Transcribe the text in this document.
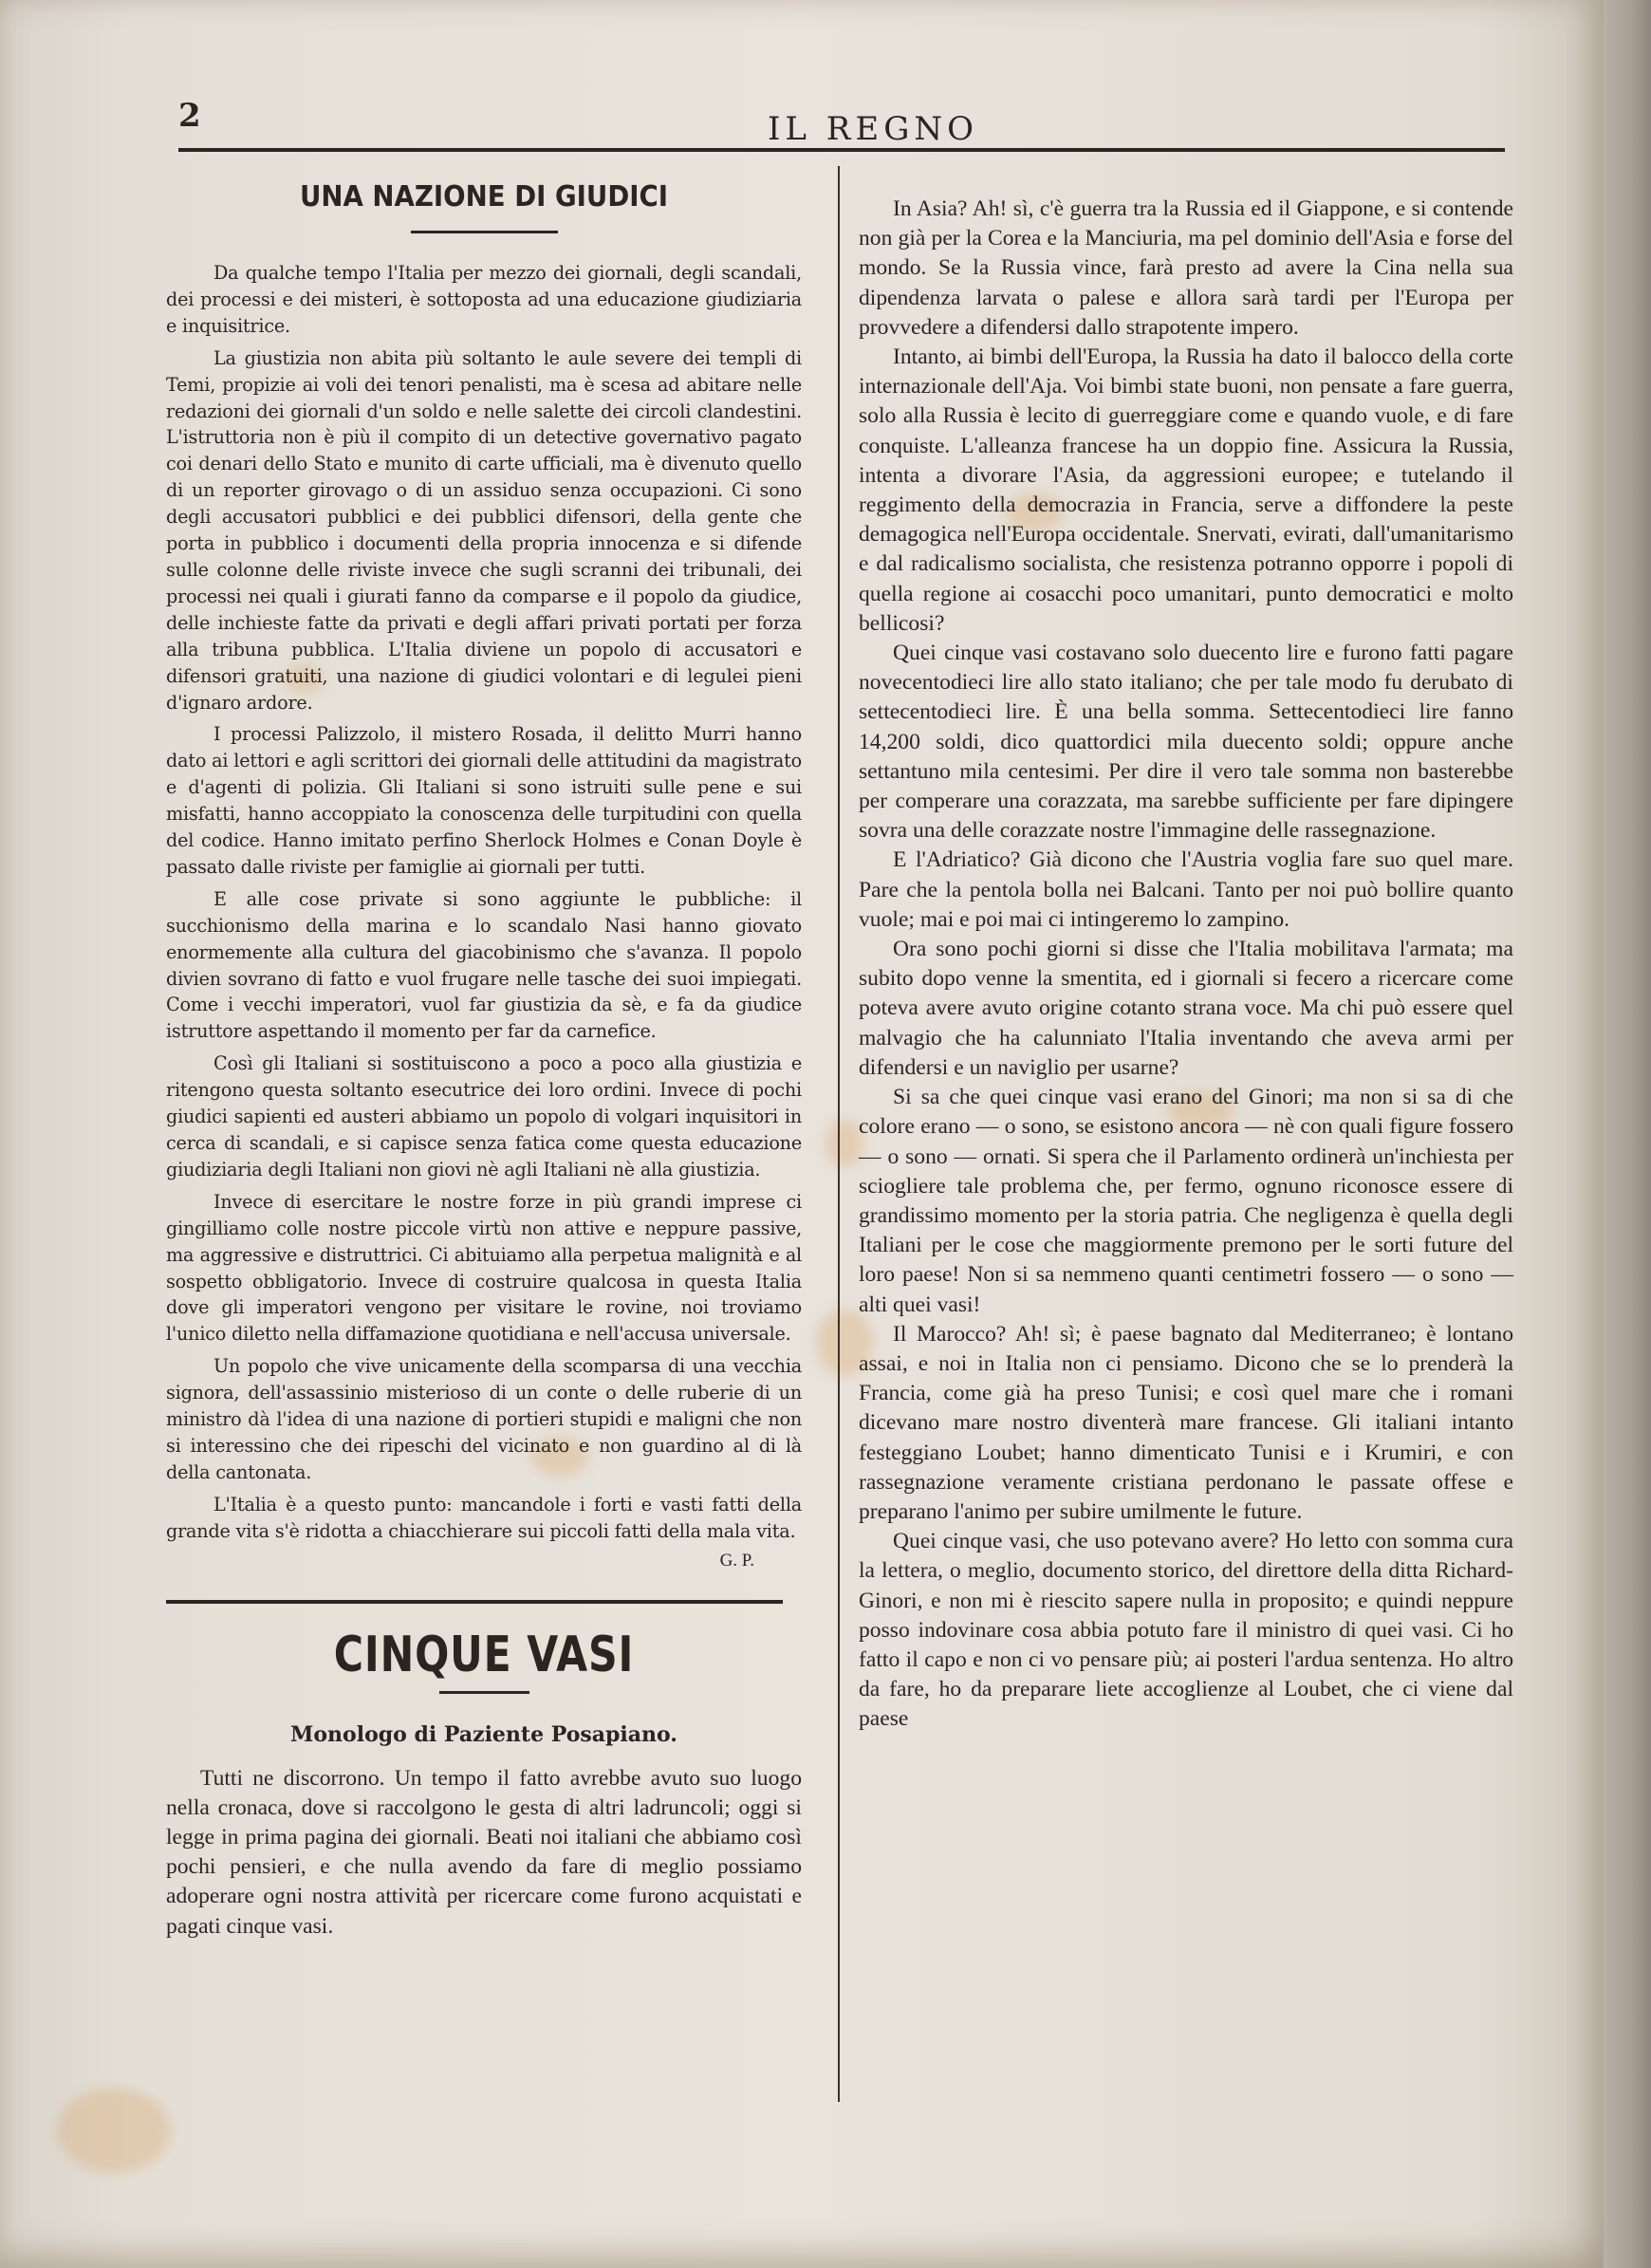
2	IL REGNO
UNA NAZIONE DI GIUDICI

Da qualche tempo l'Italia per mezzo dei giornali, degli scandali, dei processi e dei misteri, è sottoposta ad una educazione giudiziaria e inquisitrice.

La giustizia non abita più soltanto le aule severe dei templi di Temi, propizie ai voli dei tenori penalisti, ma è scesa ad abitare nelle redazioni dei giornali d'un soldo e nelle salette dei circoli clandestini. L'istruttoria non è più il compito di un detective governativo pagato coi denari dello Stato e munito di carte ufficiali, ma è divenuto quello di un reporter girovago o di un assiduo senza occupazioni. Ci sono degli accusatori pubblici e dei pubblici difensori, della gente che porta in pubblico i documenti della propria innocenza e si difende sulle colonne delle riviste invece che sugli scranni dei tribunali, dei processi nei quali i giurati fanno da comparse e il popolo da giudice, delle inchieste fatte da privati e degli affari privati portati per forza alla tribuna pubblica. L'Italia diviene un popolo di accusatori e difensori gratuiti, una nazione di giudici volontari e di legulei pieni d'ignaro ardore.

I processi Palizzolo, il mistero Rosada, il delitto Murri hanno dato ai lettori e agli scrittori dei giornali delle attitudini da magistrato e d'agenti di polizia. Gli Italiani si sono istruiti sulle pene e sui misfatti, hanno accoppiato la conoscenza delle turpitudini con quella del codice. Hanno imitato perfino Sherlock Holmes e Conan Doyle è passato dalle riviste per famiglie ai giornali per tutti.

E alle cose private si sono aggiunte le pubbliche: il succhionismo della marina e lo scandalo Nasi hanno giovato enormemente alla cultura del giacobinismo che s'avanza. Il popolo divien sovrano di fatto e vuol frugare nelle tasche dei suoi impiegati. Come i vecchi imperatori, vuol far giustizia da sè, e fa da giudice istruttore aspettando il momento per far da carnefice.

Così gli Italiani si sostituiscono a poco a poco alla giustizia e ritengono questa soltanto esecutrice dei loro ordini. Invece di pochi giudici sapienti ed austeri abbiamo un popolo di volgari inquisitori in cerca di scandali, e si capisce senza fatica come questa educazione giudiziaria degli Italiani non giovi nè agli Italiani nè alla giustizia.

Invece di esercitare le nostre forze in più grandi imprese ci gingilliamo colle nostre piccole virtù non attive e neppure passive, ma aggressive e distruttrici. Ci abituiamo alla perpetua malignità e al sospetto obbligatorio. Invece di costruire qualcosa in questa Italia dove gli imperatori vengono per visitare le rovine, noi troviamo l'unico diletto nella diffamazione quotidiana e nell'accusa universale.

Un popolo che vive unicamente della scomparsa di una vecchia signora, dell'assassinio misterioso di un conte o delle ruberie di un ministro dà l'idea di una nazione di portieri stupidi e maligni che non si interessino che dei ripeschi del vicinato e non guardino al di là della cantonata.

L'Italia è a questo punto: mancandole i forti e vasti fatti della grande vita s'è ridotta a chiacchierare sui piccoli fatti della mala vita.

G. P.
CINQUE VASI
Monologo di Paziente Posapiano.

Tutti ne discorrono. Un tempo il fatto avrebbe avuto suo luogo nella cronaca, dove si raccolgono le gesta di altri ladruncoli; oggi si legge in prima pagina dei giornali. Beati noi italiani che abbiamo così pochi pensieri, e che nulla avendo da fare di meglio possiamo adoperare ogni nostra attività per ricercare come furono acquistati e pagati cinque vasi.

In Asia? Ah! sì, c'è guerra tra la Russia ed il Giappone, e si contende non già per la Corea e la Manciuria, ma pel dominio dell'Asia e forse del mondo. Se la Russia vince, farà presto ad avere la Cina nella sua dipendenza larvata o palese e allora sarà tardi per l'Europa per provvedere a difendersi dallo strapotente impero.

Intanto, ai bimbi dell'Europa, la Russia ha dato il balocco della corte internazionale dell'Aja. Voi bimbi state buoni, non pensate a fare guerra, solo alla Russia è lecito di guerreggiare come e quando vuole, e di fare conquiste. L'alleanza francese ha un doppio fine. Assicura la Russia, intenta a divorare l'Asia, da aggressioni europee; e tutelando il reggimento della democrazia in Francia, serve a diffondere la peste demagogica nell'Europa occidentale. Snervati, evirati, dall'umanitarismo e dal radicalismo socialista, che resistenza potranno opporre i popoli di quella regione ai cosacchi poco umanitari, punto democratici e molto bellicosi?

Quei cinque vasi costavano solo duecento lire e furono fatti pagare novecentodieci lire allo stato italiano; che per tale modo fu derubato di settecentodieci lire. È una bella somma. Settecentodieci lire fanno 14,200 soldi, dico quattordici mila duecento soldi; oppure anche settantuno mila centesimi. Per dire il vero tale somma non basterebbe per comperare una corazzata, ma sarebbe sufficiente per fare dipingere sovra una delle corazzate nostre l'immagine delle rassegnazione.

E l'Adriatico? Già dicono che l'Austria voglia fare suo quel mare. Pare che la pentola bolla nei Balcani. Tanto per noi può bollire quanto vuole; mai e poi mai ci intingeremo lo zampino.

Ora sono pochi giorni si disse che l'Italia mobilitava l'armata; ma subito dopo venne la smentita, ed i giornali si fecero a ricercare come poteva avere avuto origine cotanto strana voce. Ma chi può essere quel malvagio che ha calunniato l'Italia inventando che aveva armi per difendersi e un naviglio per usarne?

Si sa che quei cinque vasi erano del Ginori; ma non si sa di che colore erano — o sono, se esistono ancora — nè con quali figure fossero — o sono — ornati. Si spera che il Parlamento ordinerà un'inchiesta per sciogliere tale problema che, per fermo, ognuno riconosce essere di grandissimo momento per la storia patria. Che negligenza è quella degli Italiani per le cose che maggiormente premono per le sorti future del loro paese! Non si sa nemmeno quanti centimetri fossero — o sono — alti quei vasi!

Il Marocco? Ah! sì; è paese bagnato dal Mediterraneo; è lontano assai, e noi in Italia non ci pensiamo. Dicono che se lo prenderà la Francia, come già ha preso Tunisi; e così quel mare che i romani dicevano mare nostro diventerà mare francese. Gli italiani intanto festeggiano Loubet; hanno dimenticato Tunisi e i Krumiri, e con rassegnazione veramente cristiana perdonano le passate offese e preparano l'animo per subire umilmente le future.

Quei cinque vasi, che uso potevano avere? Ho letto con somma cura la lettera, o meglio, documento storico, del direttore della ditta Richard-Ginori, e non mi è riescito sapere nulla in proposito; e quindi neppure posso indovinare cosa abbia potuto fare il ministro di quei vasi. Ci ho fatto il capo e non ci vo pensare più; ai posteri l'ardua sentenza. Ho altro da fare, ho da preparare liete accoglienze al Loubet, che ci viene dal paese
